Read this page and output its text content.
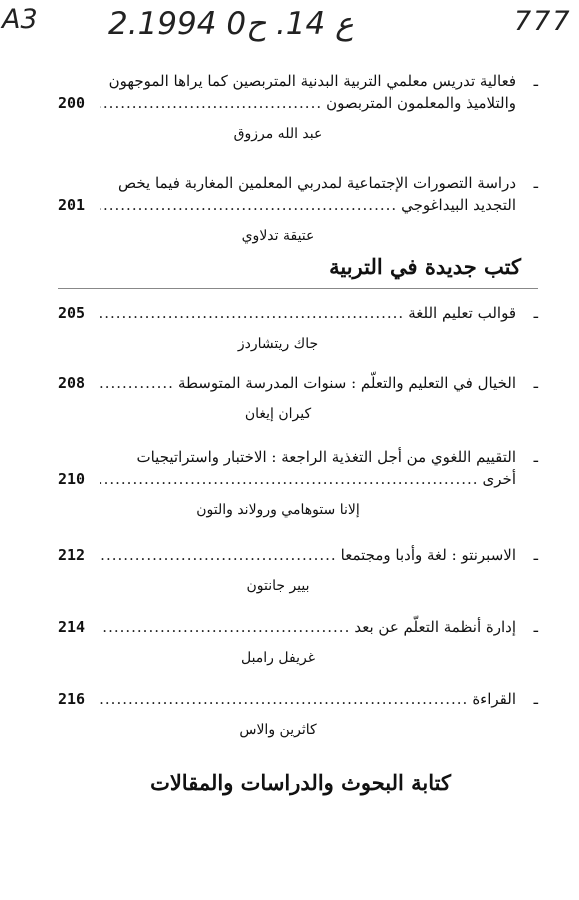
A3 2.ع 14. ح0 1994	777
ـ
فعالية تدريس معلمي التربية البدنية المتربصين كما يراها الموجهون
والتلاميذ والمعلمون المتربصون
.....
200
عبد الله مرزوق
ـ
دراسة التصورات الإجتماعية لمدربي المعلمين المغاربة فيما يخص
التجديد البيداغوجي
.....
201
عتيقة تدلاوي
كتب جديدة في التربية
ـ
قوالب تعليم اللغة
.....
205
جاك ريتشاردز
ـ
الخيال في التعليم والتعلّم : سنوات المدرسة المتوسطة
.....
208
كيران إيغان
ـ
التقييم اللغوي من أجل التغذية الراجعة : الاختبار واستراتيجيات
أخرى
.....
210
إلانا ستوهامي وروﻻند والتون
ـ
الاسبرنتو : لغة وأدبا ومجتمعا
.....
212
بيير جانتون
ـ
إدارة أنظمة التعلّم عن بعد
.....
214
غريفل رامبل
ـ
القراءة
.....
216
كاثرين والاس
كتابة البحوث والدراسات والمقالات
